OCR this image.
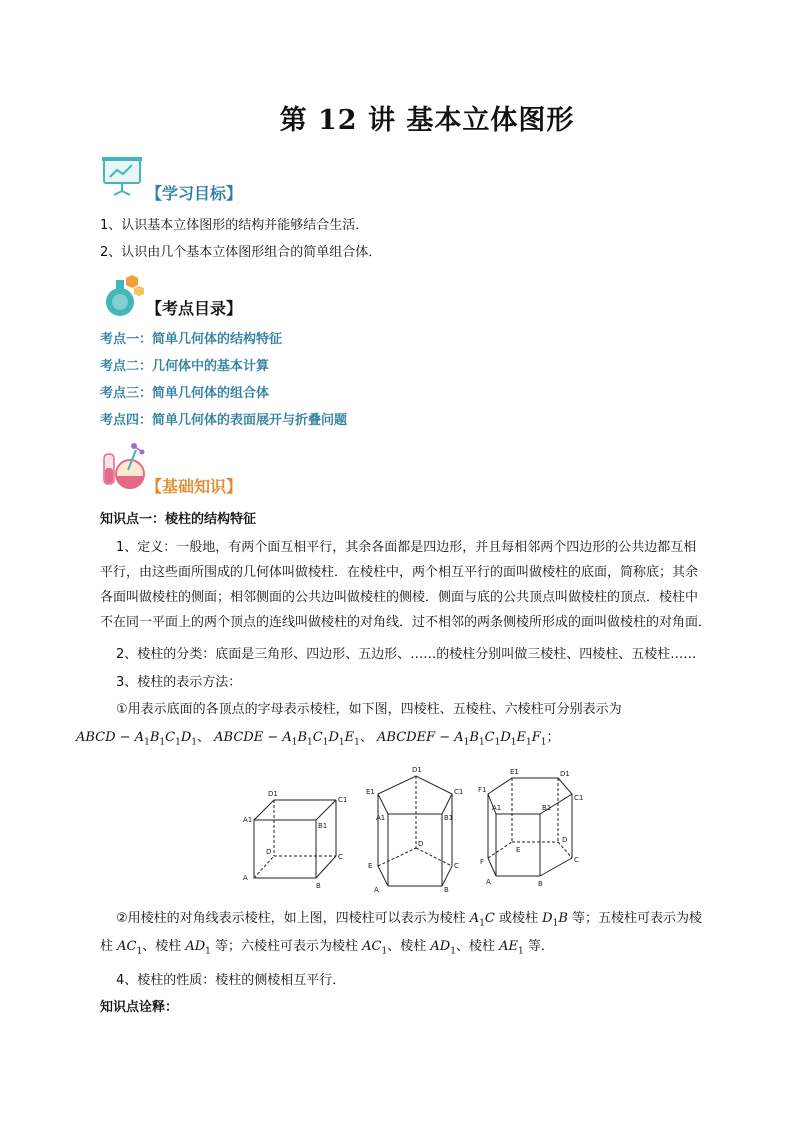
第 12 讲 基本立体图形
【学习目标】
1、认识基本立体图形的结构并能够结合生活．
2、认识由几个基本立体图形组合的简单组合体．
【考点目录】
考点一：简单几何体的结构特征
考点二：几何体中的基本计算
考点三：简单几何体的组合体
考点四：简单几何体的表面展开与折叠问题
【基础知识】
知识点一：棱柱的结构特征
1、定义：一般地，有两个面互相平行，其余各面都是四边形，并且每相邻两个四边形的公共边都互相
平行，由这些面所围成的几何体叫做棱柱．在棱柱中，两个相互平行的面叫做棱柱的底面，简称底；其余
各面叫做棱柱的侧面；相邻侧面的公共边叫做棱柱的侧棱．侧面与底的公共顶点叫做棱柱的顶点．棱柱中
不在同一平面上的两个顶点的连线叫做棱柱的对角线．过不相邻的两条侧棱所形成的面叫做棱柱的对角面．
2、棱柱的分类：底面是三角形、四边形、五边形、……的棱柱分别叫做三棱柱、四棱柱、五棱柱……
3、棱柱的表示方法：
①用表示底面的各顶点的字母表示棱柱，如下图，四棱柱、五棱柱、六棱柱可分别表示为
ABCD − $A_1B_1C_1D_1$、 ABCDE − $A_1B_1C_1D_1E_1$、 ABCDEF − $A_1B_1C_1D_1E_1F_1$；
A
B
C
D
A1
B1
C1
D1
A	B
C
D
E
A1	B1
C1
D1
E1
A	B
C
D
E
F
A1	B1
C1
D1
E1
F1
②用棱柱的对角线表示棱柱，如上图，四棱柱可以表示为棱柱 $A_1C$ 或棱柱 $D_1B$ 等；五棱柱可表示为棱
柱 $AC_1$、棱柱 $AD_1$ 等；六棱柱可表示为棱柱 $AC_1$、棱柱 $AD_1$、棱柱 $AE_1$ 等．
4、棱柱的性质：棱柱的侧棱相互平行．
知识点诠释：
